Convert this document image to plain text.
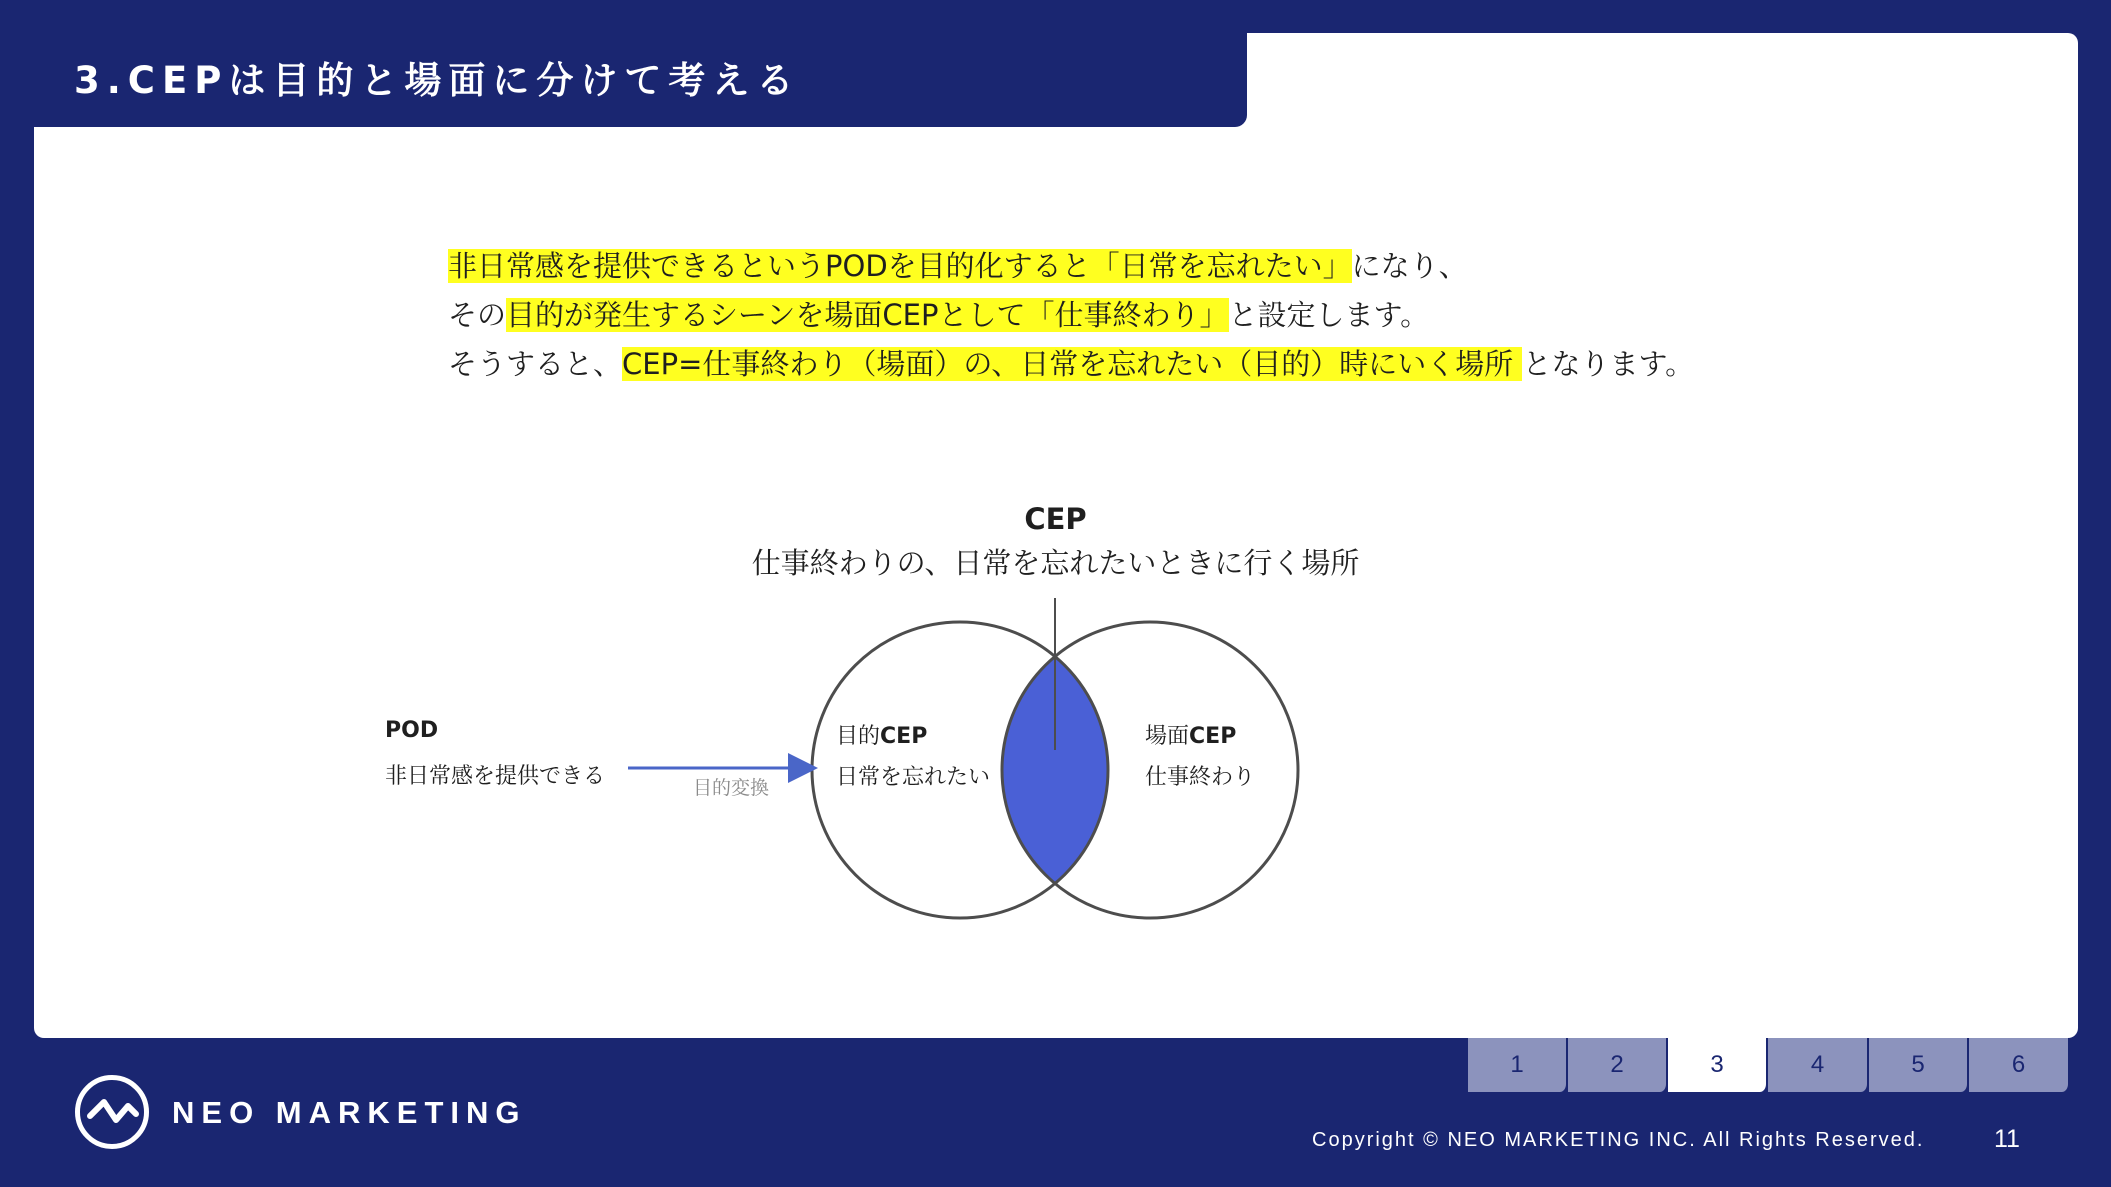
3.CEPは目的と場面に分けて考える
非日常感を提供できるというPODを目的化すると「日常を忘れたい」になり、
その目的が発生するシーンを場面CEPとして「仕事終わり」と設定します。
そうすると、CEP=仕事終わり（場面）の、日常を忘れたい（目的）時にいく場所 となります。
CEP
仕事終わりの、日常を忘れたいときに行く場所
POD
非日常感を提供できる	目的変換
目的CEP
日常を忘れたい
場面CEP
仕事終わり
1	2	3	4	5	6
NEO MARKETING
Copyright © NEO MARKETING INC. All Rights Reserved.	11
